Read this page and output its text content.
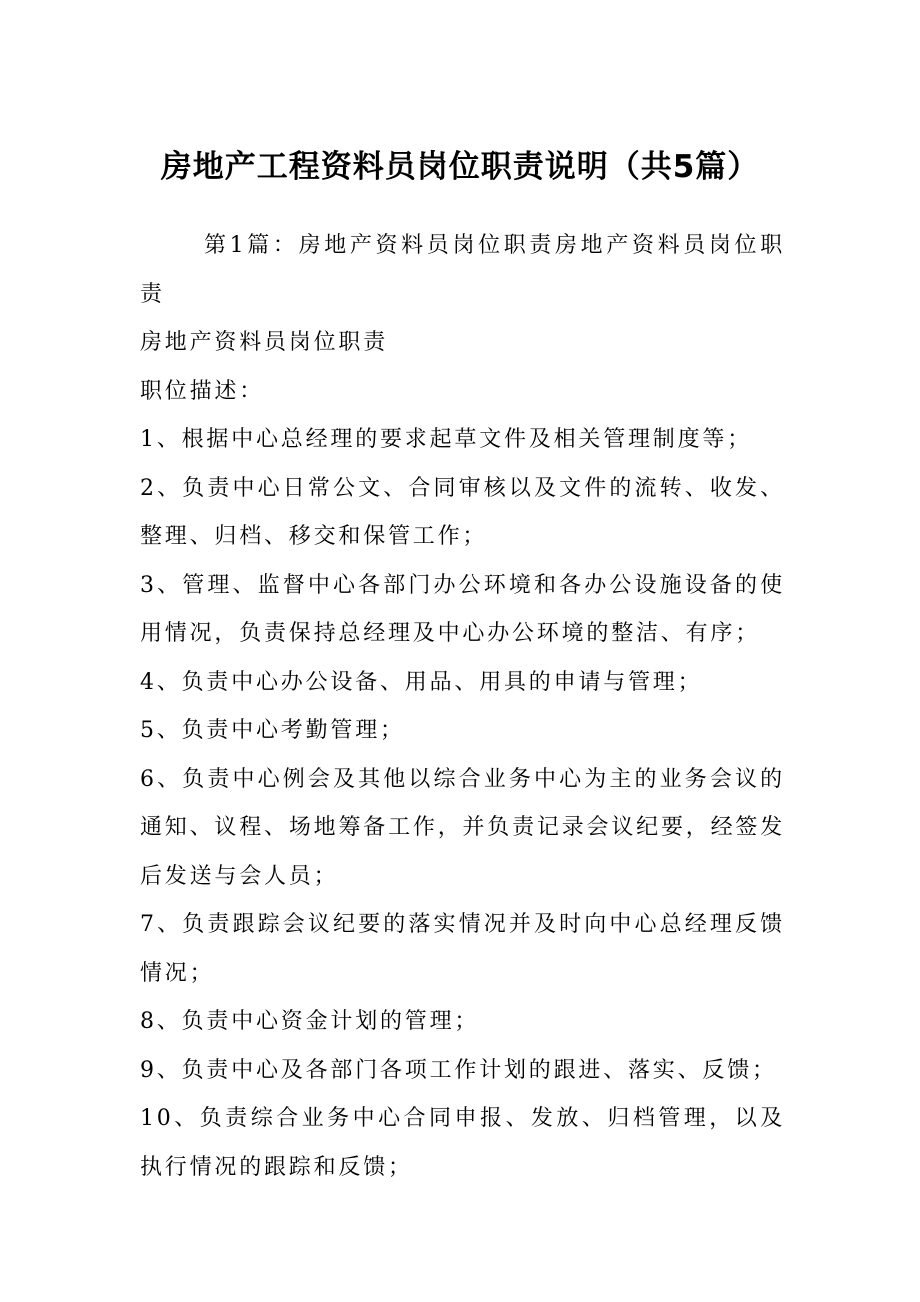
房地产工程资料员岗位职责说明（共5篇）

第1篇：房地产资料员岗位职责房地产资料员岗位职责

房地产资料员岗位职责

职位描述：

1、根据中心总经理的要求起草文件及相关管理制度等；

2、负责中心日常公文、合同审核以及文件的流转、收发、整理、归档、移交和保管工作；

3、管理、监督中心各部门办公环境和各办公设施设备的使用情况，负责保持总经理及中心办公环境的整洁、有序；

4、负责中心办公设备、用品、用具的申请与管理；

5、负责中心考勤管理；

6、负责中心例会及其他以综合业务中心为主的业务会议的通知、议程、场地筹备工作，并负责记录会议纪要，经签发后发送与会人员；

7、负责跟踪会议纪要的落实情况并及时向中心总经理反馈情况；

8、负责中心资金计划的管理；

9、负责中心及各部门各项工作计划的跟进、落实、反馈；

10、负责综合业务中心合同申报、发放、归档管理，以及执行情况的跟踪和反馈；
